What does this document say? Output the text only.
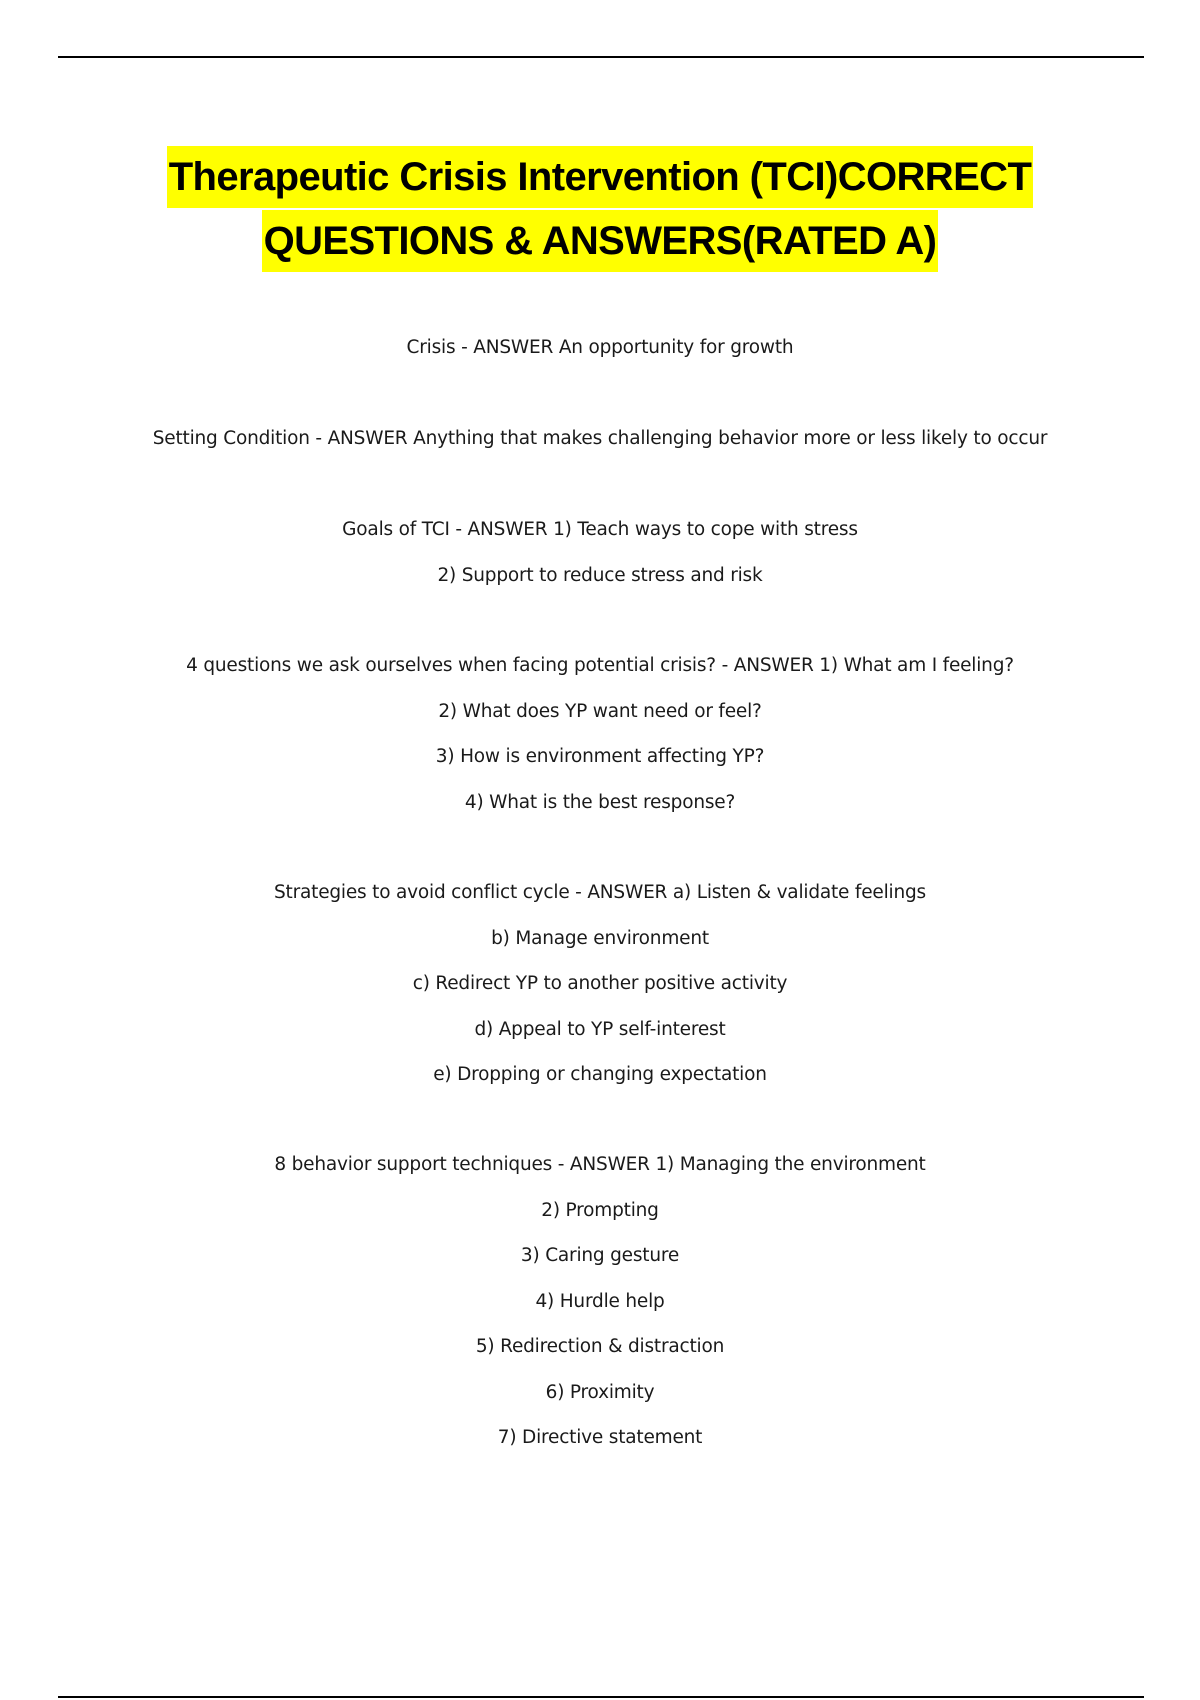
Therapeutic Crisis Intervention (TCI)CORRECT
QUESTIONS & ANSWERS(RATED A)
Crisis - ANSWER An opportunity for growth
Setting Condition - ANSWER Anything that makes challenging behavior more or less likely to occur
Goals of TCI - ANSWER 1) Teach ways to cope with stress
2) Support to reduce stress and risk
4 questions we ask ourselves when facing potential crisis? - ANSWER 1) What am I feeling?
2) What does YP want need or feel?
3) How is environment affecting YP?
4) What is the best response?
Strategies to avoid conflict cycle - ANSWER a) Listen & validate feelings
b) Manage environment
c) Redirect YP to another positive activity
d) Appeal to YP self-interest
e) Dropping or changing expectation
8 behavior support techniques - ANSWER 1) Managing the environment
2) Prompting
3) Caring gesture
4) Hurdle help
5) Redirection & distraction
6) Proximity
7) Directive statement
